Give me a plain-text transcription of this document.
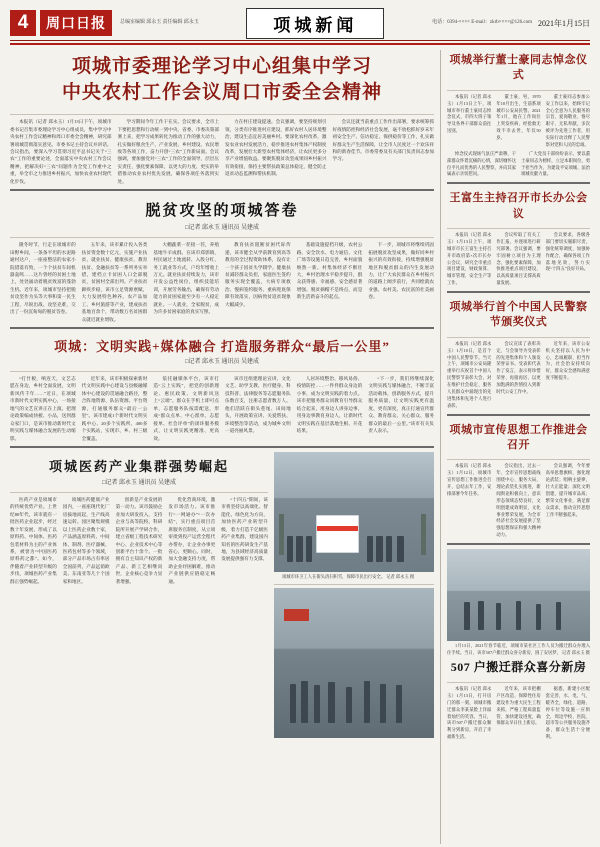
4	周口日报	总编室编辑 邱永玉 责任编辑 邱永玉	项城新闻	电话：0394-×××× E-mail：zkrb××××@126.com 2021年1月15日
项城市委理论学习中心组集中学习
中央农村工作会议周口市委全会精神
本报讯（记者 邱永玉）1月13日下午，项城市委书记召集市委理论学习中心组成员，集中学习中央农村工作会议精神和周口市委全会精神，研究部署项城贯彻落实意见。市委书记主持会议并讲话。会议指出，要深入学习贯彻习近平总书记关于“三农”工作的重要论述，全面落实中央农村工作会议精神，把解决好“三农”问题作为全党工作重中之重，举全市之力推进乡村振兴，加快农业农村现代化步伐。
学习期间今年工作干在实。会议要求，全市上下要把思想和行动统一到中央、省委、市委决策部署上来，把学习成果转化为推动工作的强大动力，扎实做好粮食生产、产业发展、乡村建设、农民增收等各项工作，奋力开创“三农”工作新局面。会议强调，要加强党对“三农”工作的全面领导，层层压实责任，强化要素保障，以更大的力度、更实的举措推动农业农村优先发展，确保各项任务落到实处。
力在村庄建设提速。会议强调，要坚持规划引领，分类有序推进村庄建设，抓好农村人居环境整治，建设生态宜居美丽乡村。要深化农村改革，激发农业农村发展活力，稳步推进农村集体产权制度改革，发展壮大新型农村集体经济，让农民更多分享产业增值收益。要聚焦脱贫攻坚成果同乡村振兴有效衔接，保持主要帮扶政策总体稳定，健全防止返贫动态监测和帮扶机制。
会议还就当前重点工作作出部署，要求统筹抓好疫情防控和经济社会发展，毫不放松抓好岁末年初安全生产、信访稳定、保供稳价等工作，扎实做好群众生产生活保障，让全市人民度过一个欢乐祥和的新春佳节。市委常委及有关部门负责同志参加学习。
脱贫攻坚的项城答卷
□记者 邱永玉 通讯员 吴建成
隆冬时节，行走在项城市的田野乡间，一条条平坦的水泥路通村达户，一座座整洁的农家小院错落有致，一个个扶贫车间机器轰鸣……这片曾经的贫困土地上，处处涌动着脱贫致富的蓬勃生机。近年来，项城市坚持把脱贫攻坚作为头等大事和第一民生工程，尽锐出战、攻坚克难，交出了一份沉甸甸的脱贫答卷。
五年来，该市累计投入各类扶贫资金数十亿元，实施产业扶贫、就业扶贫、健康扶贫、教育扶贫、金融扶贫等一系列务实举措，建档立卡贫困人口全部脱贫，贫困村全部出列。产业扶贫蹄疾步稳，该市立足资源禀赋，大力发展特色种养、农产品加工、乡村旅游等产业，建成扶贫基地百余个，带动数万名贫困群众就近就业增收。
大棚蔬菜一茬接一茬，养殖基地牛羊成群。在该市郑郭镇，村民通过土地流转、入股分红、务工就业等方式，户均年增收上万元。就业扶贫持续发力，该市开发公益性岗位，组织技能培训，开展劳务输出，确保有劳动能力的贫困家庭至少有一人稳定就业。一人就业，全家脱贫，成为许多贫困家庭的真实写照。
教育扶贫阻断贫困代际传递，该市健全从学前教育到高等教育的全过程资助体系，没有让一个孩子因贫失学辍学。健康扶贫减轻群众负担，家庭医生签约服务实现全覆盖，大病专项救治、慢病签约服务、重病兜底保障有效落实，因病致贫返贫现象大幅减少。
基础设施提档升级，农村公路、安全饮水、电力通信、文化广场等设施日趋完善，乡村面貌焕然一新。村集体经济不断壮大，乡村治理水平稳步提升，群众获得感、幸福感、安全感显著增强。脱贫摘帽不是终点，而是新生活新奋斗的起点。
下一步，项城市将继续巩固拓展脱贫攻坚成果，做好同乡村振兴的有效衔接，持续增强脱贫地区和脱贫群众的内生发展动力，让广大农民群众在乡村振兴的道路上阔步前行，共同绘就农业强、农村美、农民富的壮美画卷。
项城：文明实践+媒体融合 打造服务群众“最后一公里”
□记者 邱永玉 通讯员 吴建成
“打竹板，响连天，文艺志愿在身边，乡村全面发展，文明新风传千年……”近日，在项城市新时代文明实践中心，一场接地气的文艺宣讲正在上演。把理论政策编成快板、小品，送到群众家门口，是该市推动新时代文明实践与媒体融合发展的生动缩影。
近年来，该市积极探索新时代文明实践中心建设与县级融媒体中心建设的贯通融合路径，整合阵地资源、队伍资源、平台资源，打通服务群众“最后一公里”。该市建成1个新时代文明实践中心、20多个实践所、400多个实践站，实现市、乡、村三级全覆盖。
依托融媒体平台，该市打造“云上实践”，把党的创新理论、惠民政策、文明新风送上“云端”。群众在手机上即可点单，志愿服务队按需配送，形成“群众点单、中心派单、志愿接单、社会评单”的闭环服务模式，让文明实践更精准、更高效。
该市还组建理论宣讲、文化文艺、助学支教、医疗健身、科技科普、法律服务等志愿服务队伍数百支，注册志愿者数万人。他们活跃在街头巷尾、田间地头，开展政策宣讲、关爱帮扶、环境整治等活动，成为城乡文明一道亮丽风景。
人居环境整治、移风易俗、疫情防控……一件件群众身边的小事，成为文明实践的着力点。该市把服务群众同教育引导群众结合起来，用身边人讲身边事、用身边事教育身边人，让新时代文明实践在基层落地生根、开花结果。
“下一步，我们将继续深化文明实践与媒体融合，不断丰富活动载体，创新服务方式，提升服务质量，让文明实践更有温度、更有深度，真正打通宣传群众、教育群众、关心群众、服务群众的最后一公里。”该市有关负责人表示。
项城医药产业集群强势崛起
□记者 邱永玉 通讯员 吴建成
医药产业是项城市的传统优势产业。上世纪80年代，该市就有一批医药企业起步，经过数十年发展，形成了以原料药、中间体、医药包装材料为主的产业体系，被誉为“中国医药原料药之都”。如今，伴随着产业转型升级的步伐，项城医药产业集群正强势崛起。
项城医药健康产业园内，一座座现代化厂房拔地而起，生产线高速运转。园区聚集规模以上医药企业数十家，产品涵盖原料药、中间体、制剂、医疗器械、医药包材等多个领域，部分产品市场占有率居全国前列，产品远销欧美、东南亚等几十个国家和地区。
创新是产业发展的第一动力。该市鼓励企业加大研发投入，支持企业与高等院校、科研院所开展产学研合作，建立省级工程技术研究中心、企业技术中心等创新平台十余个。一批拥有自主知识产权的新产品、新工艺相继问世，企业核心竞争力显著增强。
优化营商环境，激发市场活力。该市推行“一网通办”“一次办结”，实行重点项目首席服务官制度，从立项审批到投产运营全程代办帮办，让企业办事更省心、更顺心。同时，加大金融支持力度，帮助企业纾困解难，推动产业链供应链稳定畅通。
“十四五”期间，该市将坚持以高端化、智能化、绿色化为方向，加快医药产业转型升级，着力打造千亿级医药产业集群，建设国内知名的医药研发生产基地，为县域经济高质量发展提供强有力支撑。
项城市环卫工人在街头清扫积雪，保障市民出行安全。 记者 邱永玉 摄
项城举行董士豪同志悼念仪式
本报讯（记者 邱永玉）1月13日上午，项城市举行董士豪同志悼念仪式，市四大班子领导及各界干部群众前往送别。
董士豪，男，1970年10月出生，生前系项城市公安局民警。2021年1月，他在工作岗位上突发疾病，经抢救无效不幸去世，年仅50岁。
董士豪同志参加公安工作以来，始终牢记全心全意为人民服务的宗旨，爱岗敬业、恪尽职守、无私奉献，多次被评为先进工作者，用实际行动诠释了人民警察对党和人民的忠诚。
悼念仪式现场气氛庄严肃穆，干部群众怀着沉痛的心情，深切缅怀这位平凡而优秀的人民警察，并向其家属表示亲切慰问。
广大党员干部纷纷表示，要以董士豪同志为榜样，立足本职岗位，勇于担当作为，为建设平安项城、法治项城贡献力量。
王富生主持召开市长办公会议
本报讯（记者 邱永玉）1月13日上午，项城市市长王富生主持召开市政府第×次市长办公会议，研究全市重点项目建设、财政预算、城市管理、安全生产等工作。
会议听取了有关工作汇报，并逐项进行研究部署。会议强调，要牢固树立项目为王理念，强化要素保障，加快推进重点项目建设，以高质量项目支撑高质量发展。
会议要求，各级各部门要切实履职尽责，强化统筹调度，加强协作配合，确保各项工作落地见效，努力实现“十四五”良好开局。
项城举行首个中国人民警察节颁奖仪式
本报讯（记者 邱永玉）1月10日，是首个中国人民警察节。当天上午，项城市公安局隆重举行庆祝首个中国人民警察节表彰大会，对在维护社会稳定、服务人民群众中涌现出的先进集体和先进个人进行表彰。
会议宣读了表彰决定，与会领导为受表彰的先进集体和个人颁发荣誉证书。受表彰代表作了发言，表示将珍惜荣誉、再接再厉，以更加饱满的热情投入到新时代公安工作中。
近年来，该市公安机关坚持以人民为中心，忠诚履职、担当作为，社会治安持续向好，群众安全感和满意度不断提升。
项城市宣传思想工作推进会召开
本报讯（记者 邱永玉）1月12日，项城市宣传思想工作推进会召开，总结去年工作，安排部署今年任务。
会议指出，过去一年，全市宣传思想战线围绕中心、服务大局，理论武装扎实推进，新闻舆论积极向上，意识形态领域态势良好，文明创建成效明显，文化事业繁荣发展，为全市经济社会发展提供了坚强思想保证和强大精神动力。
会议强调，今年要高举思想旗帜，强化理论武装；唱响主旋律，壮大正能量；深化文明创建，提升城市品质；繁荣文化事业，满足群众需求，推动宣传思想工作不断强起来。
1月13日，2021年春节临近，项城市某社区工作人员为搬迁群众办理入住手续。当日，该市507户搬迁群众喜分新房，圆了安居梦。 记者 邱永玉 摄
507 户搬迁群众喜分新房
本报讯（记者 邱永玉）1月13日，打开房门的那一刻，项城市搬迁群众李某某脸上洋溢着灿烂的笑容。当日，该市507户搬迁群众顺利分到新房，开启了幸福新生活。
近年来，该市把棚户区改造、保障性住房建设作为重大民生工程来抓，严格工程质量监管，加快建设进度，确保群众早日住上新房。
据悉，新建小区配套完善，水、电、气、暖齐全，绿化、道路、停车位等设施一应俱全，周边学校、医院、超市等公共服务设施齐备，群众生活十分便利。
